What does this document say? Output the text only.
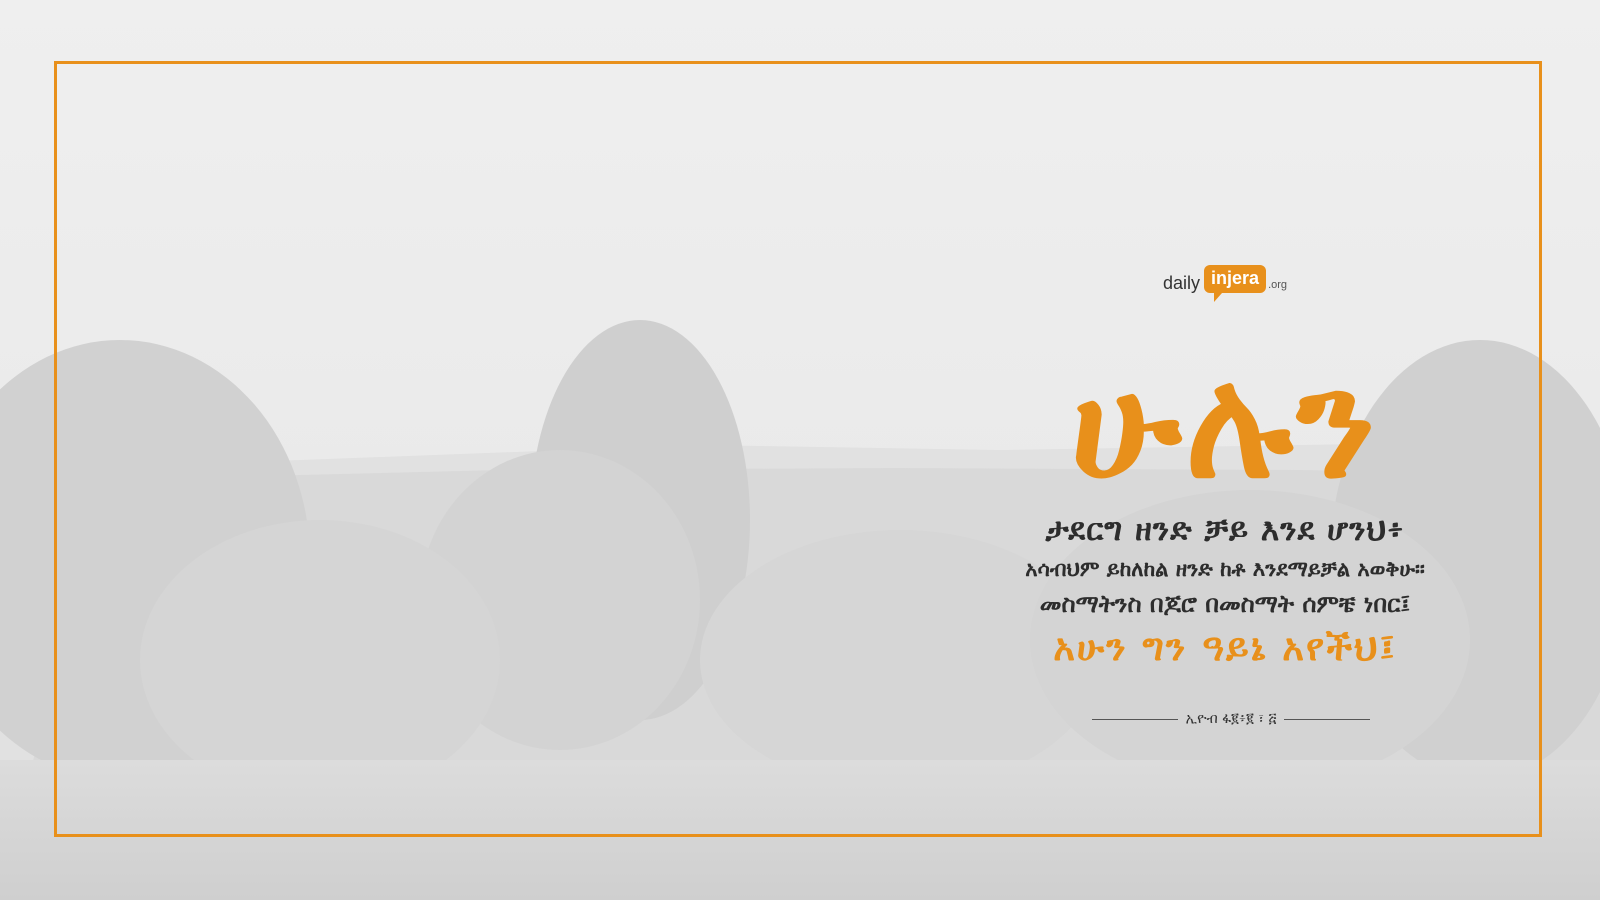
daily injera .org
ሁሉን
ታደርግ ዘንድ ቻይ እንደ ሆንህ፥
አሳብህም ይከለከል ዘንድ ከቶ እንደማይቻል አወቅሁ።
መስማትንስ በጆሮ በመስማት ሰምቼ ነበር፤
አሁን ግን ዓይኔ አየችህ፤
ኢዮብ ፋ፪፥፪ ፣ ፭
